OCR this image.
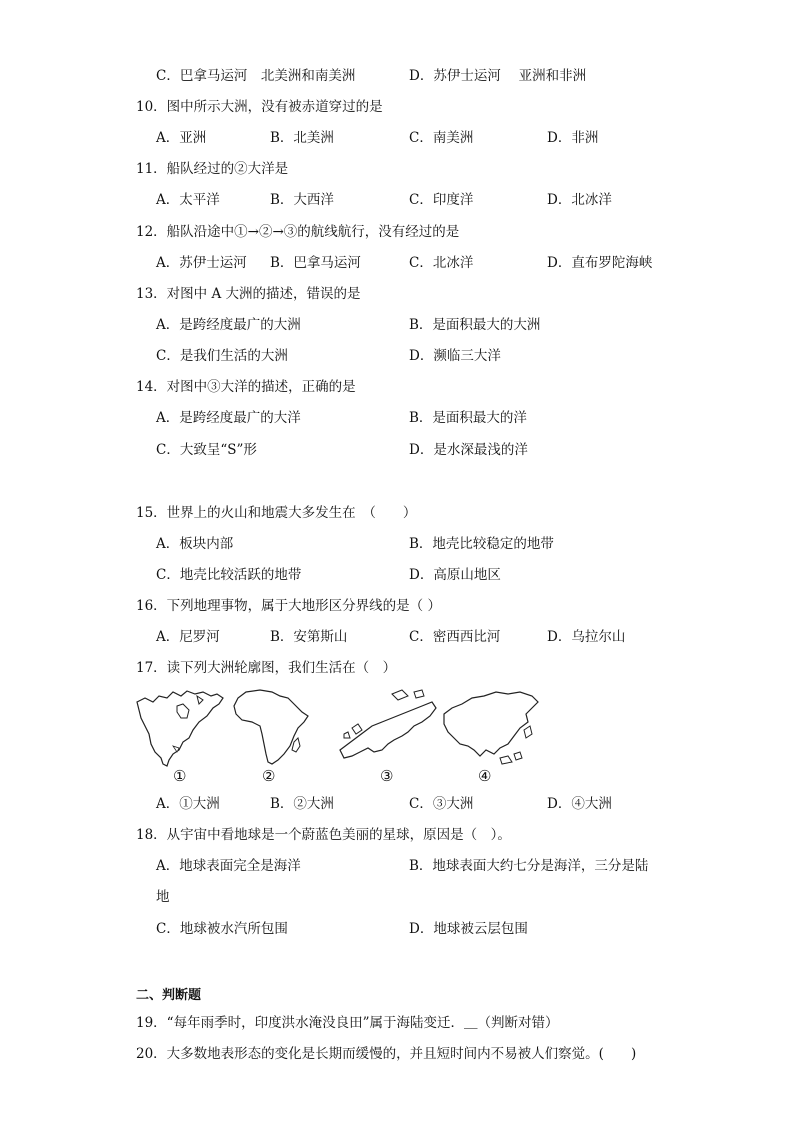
C．巴拿马运河　北美洲和南美洲	D．苏伊士运河　 亚洲和非洲
10．图中所示大洲，没有被赤道穿过的是
A．亚洲	B．北美洲	C．南美洲	D．非洲
11．船队经过的②大洋是
A．太平洋	B．大西洋	C．印度洋	D．北冰洋
12．船队沿途中①→②→③的航线航行，没有经过的是
A．苏伊士运河 B．巴拿马运河	C．北冰洋	D．直布罗陀海峡
13．对图中 A 大洲的描述，错误的是
A．是跨经度最广的大洲	B．是面积最大的大洲
C．是我们生活的大洲	D．濒临三大洋
14．对图中③大洋的描述，正确的是
A．是跨经度最广的大洋	B．是面积最大的洋
C．大致呈“S”形	D．是水深最浅的洋
15．世界上的火山和地震大多发生在　（　　）
A．板块内部	B．地壳比较稳定的地带
C．地壳比较活跃的地带	D．高原山地区
16．下列地理事物，属于大地形区分界线的是（ ）
A．尼罗河	B．安第斯山	C．密西西比河	D．乌拉尔山
17．读下列大洲轮廓图，我们生活在（　）
①	②	③	④
A．①大洲	B．②大洲	C．③大洲	D．④大洲
18．从宇宙中看地球是一个蔚蓝色美丽的星球，原因是（　）。
A．地球表面完全是海洋	B．地球表面大约七分是海洋，三分是陆
地
C．地球被水汽所包围	D．地球被云层包围
二、判断题
19．“每年雨季时，印度洪水淹没良田”属于海陆变迁．＿（判断对错）
20．大多数地表形态的变化是长期而缓慢的，并且短时间内不易被人们察觉。(　　)
